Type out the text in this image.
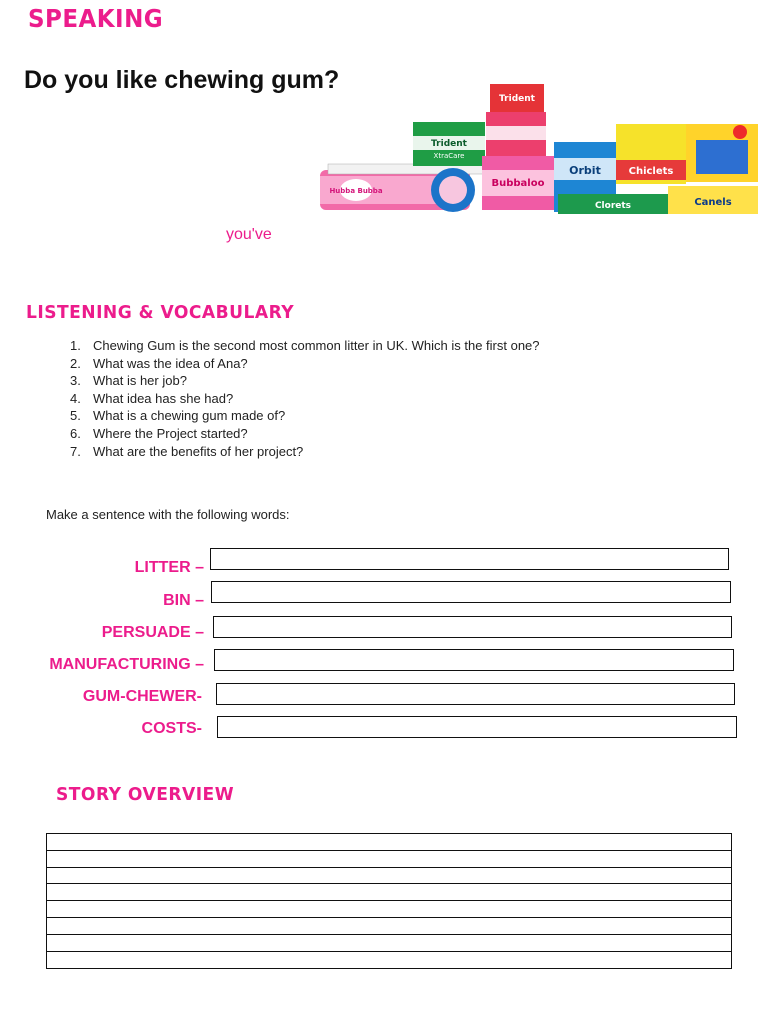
SPEAKING
Do you like chewing gum?
Hubba Bubba
Trident
XtraCare
Trident
Bubbaloo
Orbit	Chiclets
Clorets	Canels
you've
LISTENING & VOCABULARY
1. Chewing Gum is the second most common litter in UK. Which is the first one?
2. What was the idea of Ana?
3. What is her job?
4. What idea has she had?
5. What is a chewing gum made of?
6. Where the Project started?
7. What are the benefits of her project?
Make a sentence with the following words:
LITTER –
BIN –
PERSUADE –
MANUFACTURING –
GUM-CHEWER-
COSTS-
STORY OVERVIEW
